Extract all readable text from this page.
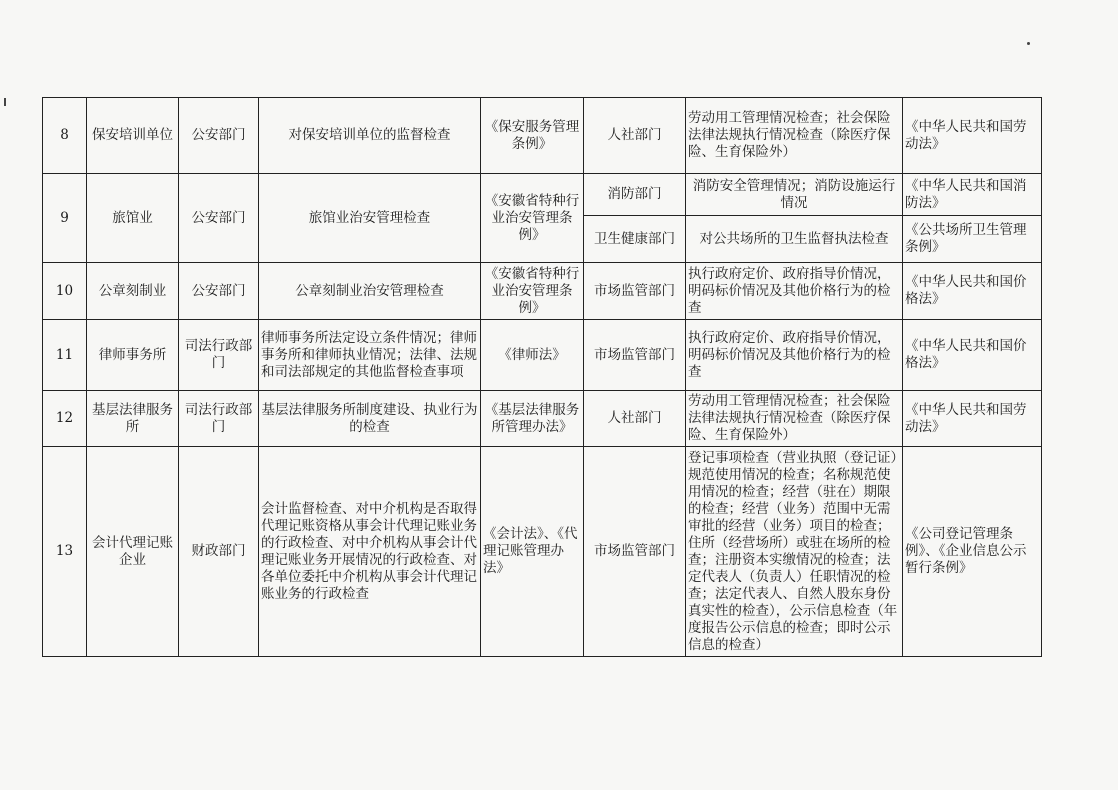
8	保安培训单位	公安部门	对保安培训单位的监督检查	《保安服务管理条例》	人社部门	劳动用工管理情况检查；社会保险法律法规执行情况检查（除医疗保险、生育保险外）	《中华人民共和国劳动法》
9	旅馆业	公安部门	旅馆业治安管理检查	《安徽省特种行业治安管理条例》	消防部门	消防安全管理情况；消防设施运行情况	《中华人民共和国消防法》
					卫生健康部门	对公共场所的卫生监督执法检查	《公共场所卫生管理条例》
10	公章刻制业	公安部门	公章刻制业治安管理检查	《安徽省特种行业治安管理条例》	市场监管部门	执行政府定价、政府指导价情况，明码标价情况及其他价格行为的检查	《中华人民共和国价格法》
11	律师事务所	司法行政部门	律师事务所法定设立条件情况；律师事务所和律师执业情况；法律、法规和司法部规定的其他监督检查事项	《律师法》	市场监管部门	执行政府定价、政府指导价情况，明码标价情况及其他价格行为的检查	《中华人民共和国价格法》
12	基层法律服务所	司法行政部门	基层法律服务所制度建设、执业行为的检查	《基层法律服务所管理办法》	人社部门	劳动用工管理情况检查；社会保险法律法规执行情况检查（除医疗保险、生育保险外）	《中华人民共和国劳动法》
13	会计代理记账企业	财政部门	会计监督检查、对中介机构是否取得代理记账资格从事会计代理记账业务的行政检查、对中介机构从事会计代理记账业务开展情况的行政检查、对各单位委托中介机构从事会计代理记账业务的行政检查	《会计法》、《代理记账管理办法》	市场监管部门	登记事项检查（营业执照（登记证）规范使用情况的检查；名称规范使用情况的检查；经营（驻在）期限的检查；经营（业务）范围中无需审批的经营（业务）项目的检查；住所（经营场所）或驻在场所的检查；注册资本实缴情况的检查；法定代表人（负责人）任职情况的检查；法定代表人、自然人股东身份真实性的检查），公示信息检查（年度报告公示信息的检查；即时公示信息的检查）	《公司登记管理条例》、《企业信息公示暂行条例》
